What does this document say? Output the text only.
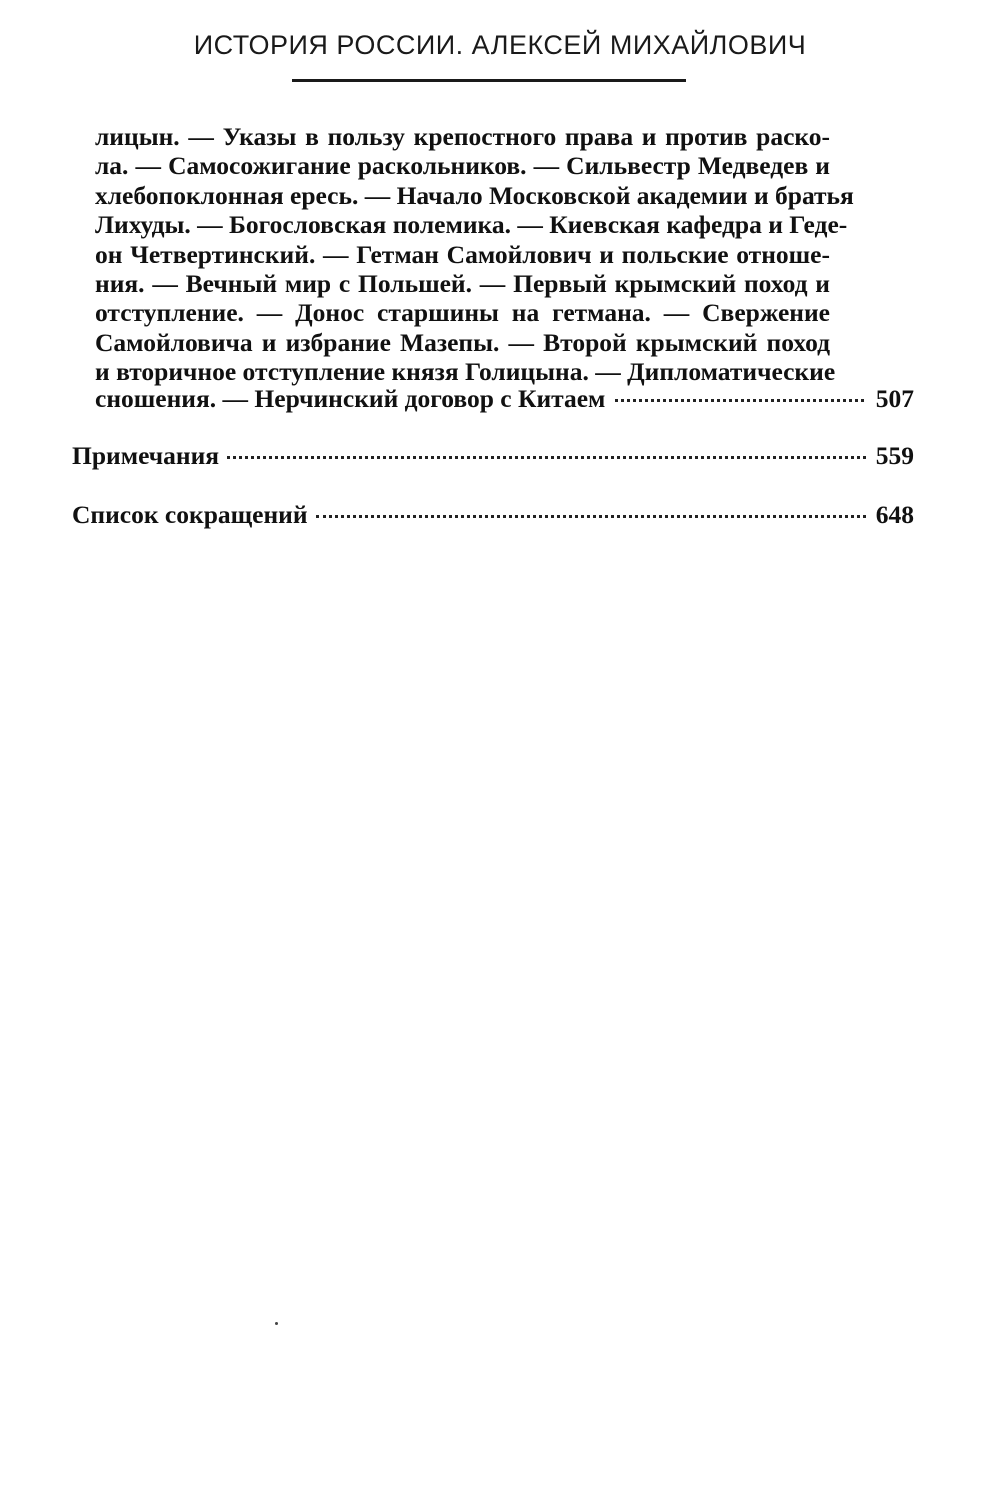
ИСТОРИЯ РОССИИ. АЛЕКСЕЙ МИХАЙЛОВИЧ
лицын. — Указы в пользу крепостного права и против раско-
ла. — Самосожигание раскольников. — Сильвестр Медведев и
хлебопоклонная ересь. — Начало Московской академии и братья
Лихуды. — Богословская полемика. — Киевская кафедра и Геде-
он Четвертинский. — Гетман Самойлович и польские отноше-
ния. — Вечный мир с Польшей. — Первый крымский поход и
отступление. — Донос старшины на гетмана. — Свержение
Самойловича и избрание Мазепы. — Второй крымский поход
и вторичное отступление князя Голицына. — Дипломатические
сношения. — Нерчинский договор с Китаем	507
Примечания	559
Список сокращений	648
